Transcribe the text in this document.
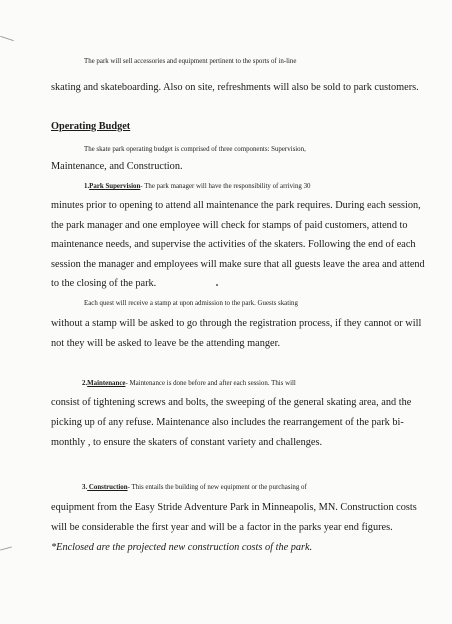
The park will sell accessories and equipment pertinent to the sports of in-line
skating and skateboarding. Also on site, refreshments will also be sold to park customers.
Operating Budget
The skate park operating budget is comprised of three components: Supervision,
Maintenance, and Construction.
1.Park Supervision- The park manager will have the responsibility of arriving 30
minutes prior to opening to attend all maintenance the park requires. During each session,
the park manager and one employee will check for stamps of paid customers, attend to
maintenance needs, and supervise the activities of the skaters. Following the end of each
session the manager and employees will make sure that all guests leave the area and attend
to the closing of the park.
Each quest will receive a stamp at upon admission to the park. Guests skating
without a stamp will be asked to go through the registration process, if they cannot or will
not they will be asked to leave be the attending manger.
2.Maintenance- Maintenance is done before and after each session. This will
consist of tightening screws and bolts, the sweeping of the general skating area, and the
picking up of any refuse. Maintenance also includes the rearrangement of the park bi-
monthly , to ensure the skaters of constant variety and challenges.
3. Construction- This entails the building of new equipment or the purchasing of
equipment from the Easy Stride Adventure Park in Minneapolis, MN. Construction costs
will be considerable the first year and will be a factor in the parks year end figures.
*Enclosed are the projected new construction costs of the park.
